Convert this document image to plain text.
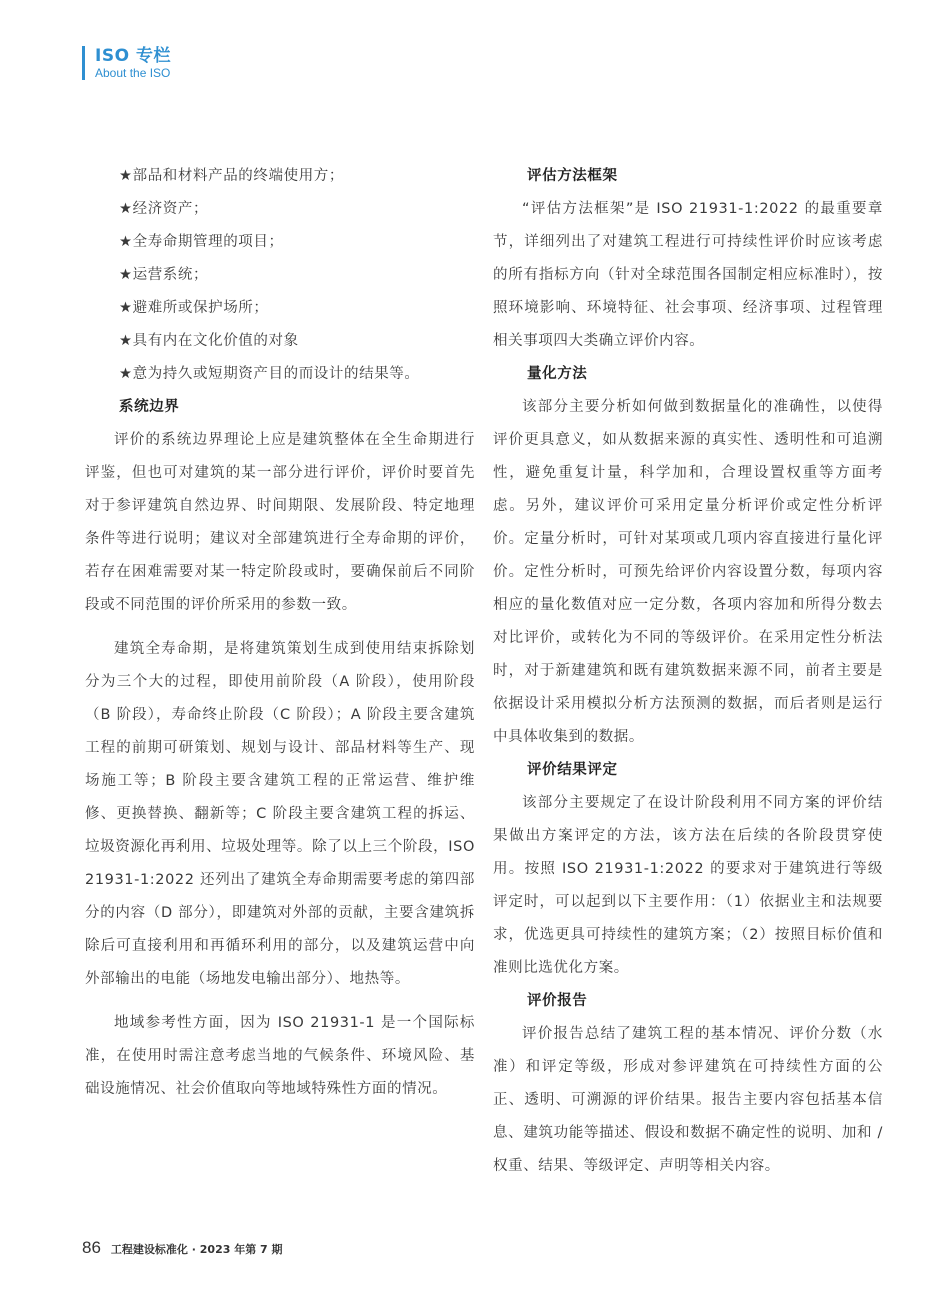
ISO 专栏
About the ISO

★部品和材料产品的终端使用方；

★经济资产；

★全寿命期管理的项目；

★运营系统；

★避难所或保护场所；

★具有内在文化价值的对象

★意为持久或短期资产目的而设计的结果等。

系统边界

评价的系统边界理论上应是建筑整体在全生命期进行评鉴，但也可对建筑的某一部分进行评价，评价时要首先对于参评建筑自然边界、时间期限、发展阶段、特定地理条件等进行说明；建议对全部建筑进行全寿命期的评价，若存在困难需要对某一特定阶段或时，要确保前后不同阶段或不同范围的评价所采用的参数一致。

建筑全寿命期，是将建筑策划生成到使用结束拆除划分为三个大的过程，即使用前阶段（A 阶段），使用阶段（B 阶段），寿命终止阶段（C 阶段）；A 阶段主要含建筑工程的前期可研策划、规划与设计、部品材料等生产、现场施工等；B 阶段主要含建筑工程的正常运营、维护维修、更换替换、翻新等；C 阶段主要含建筑工程的拆运、垃圾资源化再利用、垃圾处理等。除了以上三个阶段，ISO 21931-1:2022 还列出了建筑全寿命期需要考虑的第四部分的内容（D 部分），即建筑对外部的贡献，主要含建筑拆除后可直接利用和再循环利用的部分，以及建筑运营中向外部输出的电能（场地发电输出部分）、地热等。

地域参考性方面，因为 ISO 21931-1 是一个国际标准，在使用时需注意考虑当地的气候条件、环境风险、基础设施情况、社会价值取向等地域特殊性方面的情况。

评估方法框架

“评估方法框架”是 ISO 21931-1:2022 的最重要章节，详细列出了对建筑工程进行可持续性评价时应该考虑的所有指标方向（针对全球范围各国制定相应标准时），按照环境影响、环境特征、社会事项、经济事项、过程管理相关事项四大类确立评价内容。

量化方法

该部分主要分析如何做到数据量化的准确性，以使得评价更具意义，如从数据来源的真实性、透明性和可追溯性，避免重复计量，科学加和，合理设置权重等方面考虑。另外，建议评价可采用定量分析评价或定性分析评价。定量分析时，可针对某项或几项内容直接进行量化评价。定性分析时，可预先给评价内容设置分数，每项内容相应的量化数值对应一定分数，各项内容加和所得分数去对比评价，或转化为不同的等级评价。在采用定性分析法时，对于新建建筑和既有建筑数据来源不同，前者主要是依据设计采用模拟分析方法预测的数据，而后者则是运行中具体收集到的数据。

评价结果评定

该部分主要规定了在设计阶段利用不同方案的评价结果做出方案评定的方法，该方法在后续的各阶段贯穿使用。按照 ISO 21931-1:2022 的要求对于建筑进行等级评定时，可以起到以下主要作用：（1）依据业主和法规要求，优选更具可持续性的建筑方案；（2）按照目标价值和准则比选优化方案。

评价报告

评价报告总结了建筑工程的基本情况、评价分数（水准）和评定等级，形成对参评建筑在可持续性方面的公正、透明、可溯源的评价结果。报告主要内容包括基本信息、建筑功能等描述、假设和数据不确定性的说明、加和 / 权重、结果、等级评定、声明等相关内容。

86 工程建设标准化 · 2023 年第 7 期
